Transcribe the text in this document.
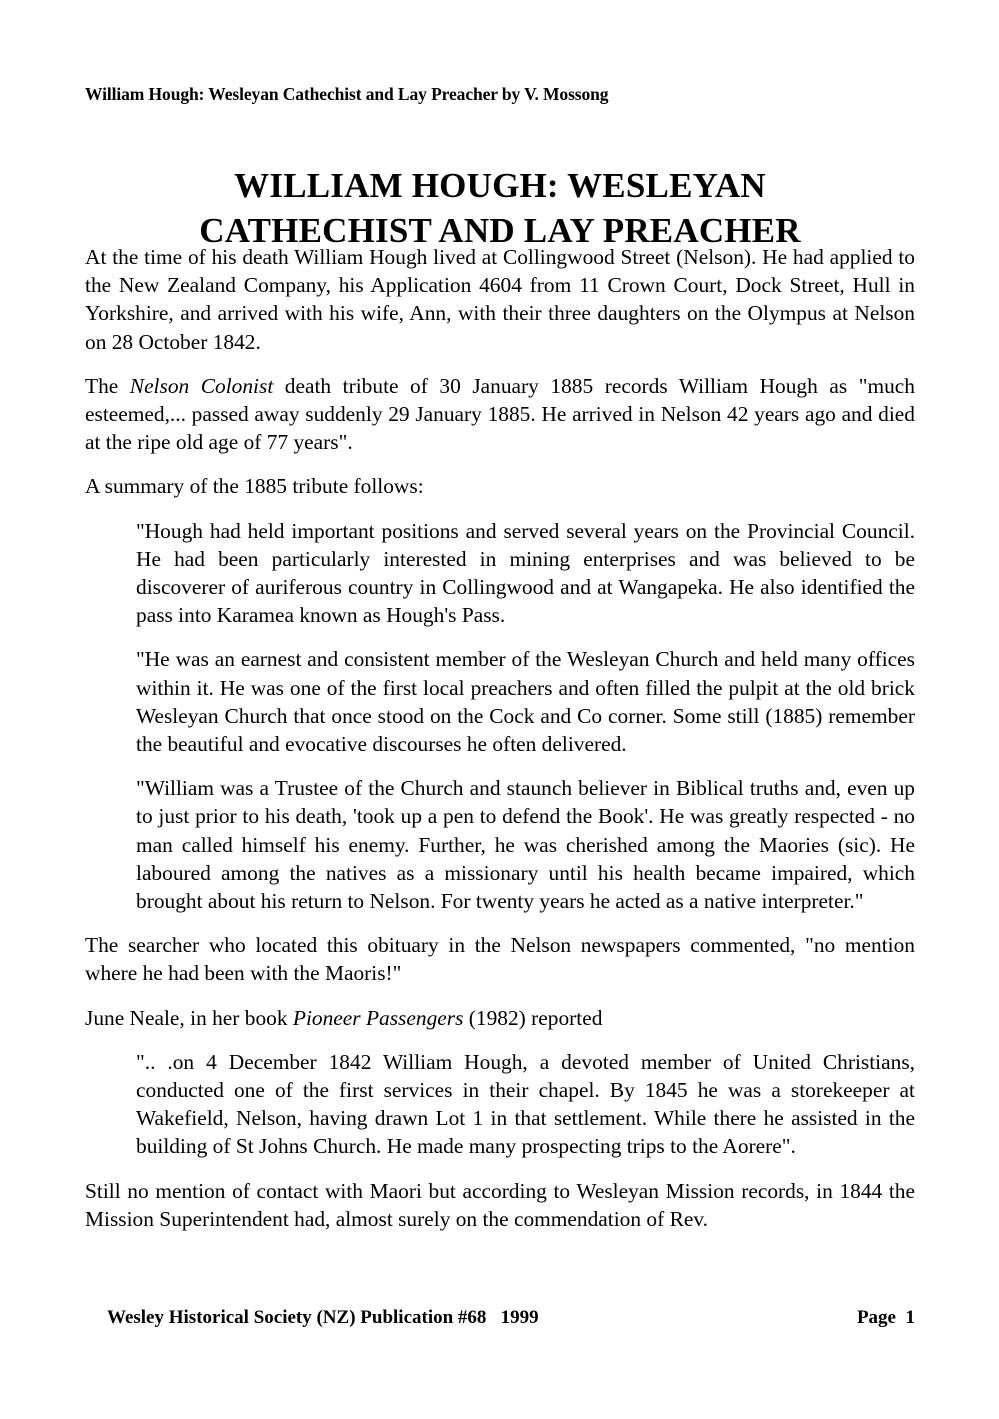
William Hough: Wesleyan Cathechist and Lay Preacher by V. Mossong
WILLIAM HOUGH: WESLEYAN
CATHECHIST AND LAY PREACHER

At the time of his death William Hough lived at Collingwood Street (Nelson). He had applied to the New Zealand Company, his Application 4604 from 11 Crown Court, Dock Street, Hull in Yorkshire, and arrived with his wife, Ann, with their three daughters on the Olympus at Nelson on 28 October 1842.

The Nelson Colonist death tribute of 30 January 1885 records William Hough as "much esteemed,... passed away suddenly 29 January 1885. He arrived in Nelson 42 years ago and died at the ripe old age of 77 years".

A summary of the 1885 tribute follows:

"Hough had held important positions and served several years on the Provincial Council. He had been particularly interested in mining enterprises and was believed to be discoverer of auriferous country in Collingwood and at Wangapeka. He also identified the pass into Karamea known as Hough's Pass.

"He was an earnest and consistent member of the Wesleyan Church and held many offices within it. He was one of the first local preachers and often filled the pulpit at the old brick Wesleyan Church that once stood on the Cock and Co corner. Some still (1885) remember the beautiful and evocative discourses he often delivered.

"William was a Trustee of the Church and staunch believer in Biblical truths and, even up to just prior to his death, 'took up a pen to defend the Book'. He was greatly respected - no man called himself his enemy. Further, he was cherished among the Maories (sic). He laboured among the natives as a missionary until his health became impaired, which brought about his return to Nelson. For twenty years he acted as a native interpreter."

The searcher who located this obituary in the Nelson newspapers commented, "no mention where he had been with the Maoris!"

June Neale, in her book Pioneer Passengers (1982) reported

".. .on 4 December 1842 William Hough, a devoted member of United Christians, conducted one of the first services in their chapel. By 1845 he was a storekeeper at Wakefield, Nelson, having drawn Lot 1 in that settlement. While there he assisted in the building of St Johns Church. He made many prospecting trips to the Aorere".

Still no mention of contact with Maori but according to Wesleyan Mission records, in 1844 the Mission Superintendent had, almost surely on the commendation of Rev.

Wesley Historical Society (NZ) Publication #68   1999	Page  1
